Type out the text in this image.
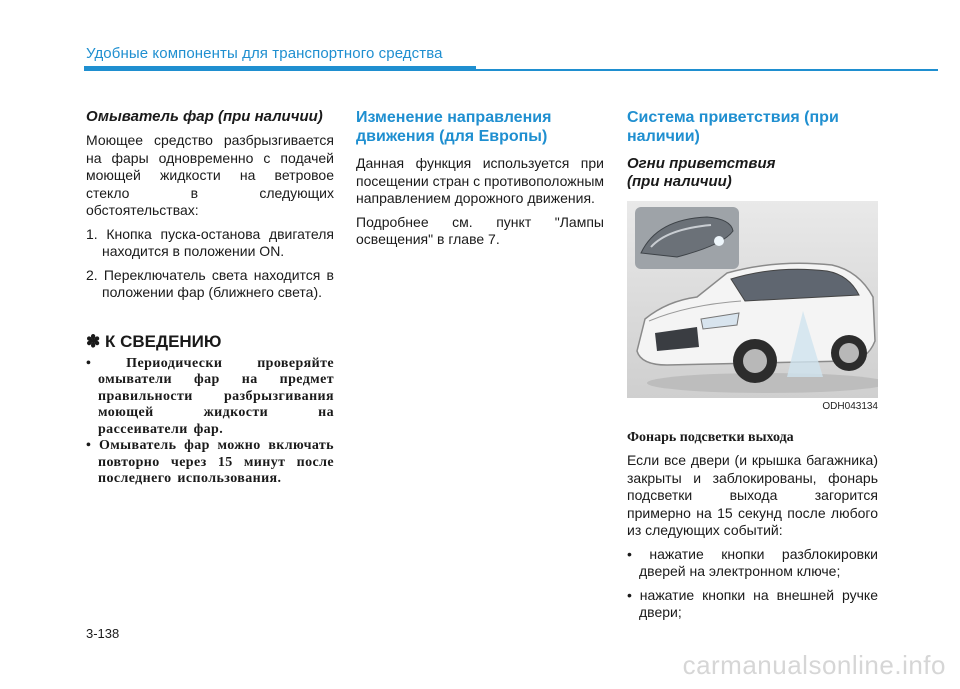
Удобные компоненты для транспортного средства
Омыватель фар (при наличии)

Моющее средство разбрызгивается на фары одновременно с подачей моющей жидкости на ветровое стекло в следующих обстоятельствах:

1. Кнопка пуска-останова двигателя находится в положении ON.
2. Переключатель света находится в положении фар (ближнего света).
✽ К СВЕДЕНИЮ
• Периодически проверяйте омыватели фар на предмет правильности разбрызгивания моющей жидкости на рассеиватели фар.
• Омыватель фар можно включать повторно через 15 минут после последнего использования.
Изменение направления движения (для Европы)

Данная функция используется при посещении стран с противоположным направлением дорожного движения.

Подробнее см. пункт "Лампы освещения" в главе 7.

Система приветствия (при наличии)
Огни приветствия
(при наличии)
ODH043134
Фонарь подсветки выхода

Если все двери (и крышка багажника) закрыты и заблокированы, фонарь подсветки выхода загорится примерно на 15 секунд после любого из следующих событий:

• нажатие кнопки разблокировки дверей на электронном ключе;
• нажатие кнопки на внешней ручке двери;
3-138
carmanualsonline.info
